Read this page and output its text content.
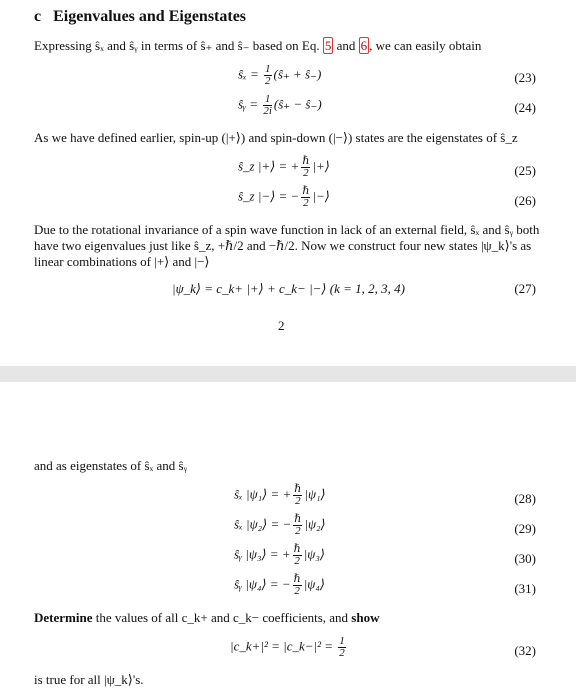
c Eigenvalues and Eigenstates
Expressing ŝₓ and ŝᵧ in terms of ŝ₊ and ŝ₋ based on Eq. 5 and 6 , we can easily obtain
ŝₓ = $\frac{1}{2}$ (ŝ₊ + ŝ₋)	(23)
ŝᵧ = $\frac{1}{2i}$ (ŝ₊ − ŝ₋)	(24)
As we have defined earlier, spin-up (|+⟩) and spin-down (|−⟩) states are the eigenstates of ŝ_z
ŝ_z |+⟩ = + $\frac{\text{ℏ}}{2}$ |+⟩	(25)
ŝ_z |−⟩ = − $\frac{\text{ℏ}}{2}$ |−⟩	(26)
Due to the rotational invariance of a spin wave function in lack of an external field, ŝₓ and ŝᵧ both
have two eigenvalues just like ŝ_z, +ℏ/2 and −ℏ/2. Now we construct four new states |ψ_k⟩'s as
linear combinations of |+⟩ and |−⟩
|ψ_k⟩ = c_k+ |+⟩ + c_k− |−⟩ (k = 1, 2, 3, 4)	(27)
2
and as eigenstates of ŝₓ and ŝᵧ
ŝₓ |ψ₁⟩ = + $\frac{\text{ℏ}}{2}$ |ψ₁⟩	(28)
ŝₓ |ψ₂⟩ = − $\frac{\text{ℏ}}{2}$ |ψ₂⟩	(29)
ŝᵧ |ψ₃⟩ = + $\frac{\text{ℏ}}{2}$ |ψ₃⟩	(30)
ŝᵧ |ψ₄⟩ = − $\frac{\text{ℏ}}{2}$ |ψ₄⟩	(31)
Determine the values of all c_k+ and c_k− coefficients, and show
|c_k+|² = |c_k−|² = $\frac{1}{2}$	(32)
is true for all |ψ_k⟩'s.
